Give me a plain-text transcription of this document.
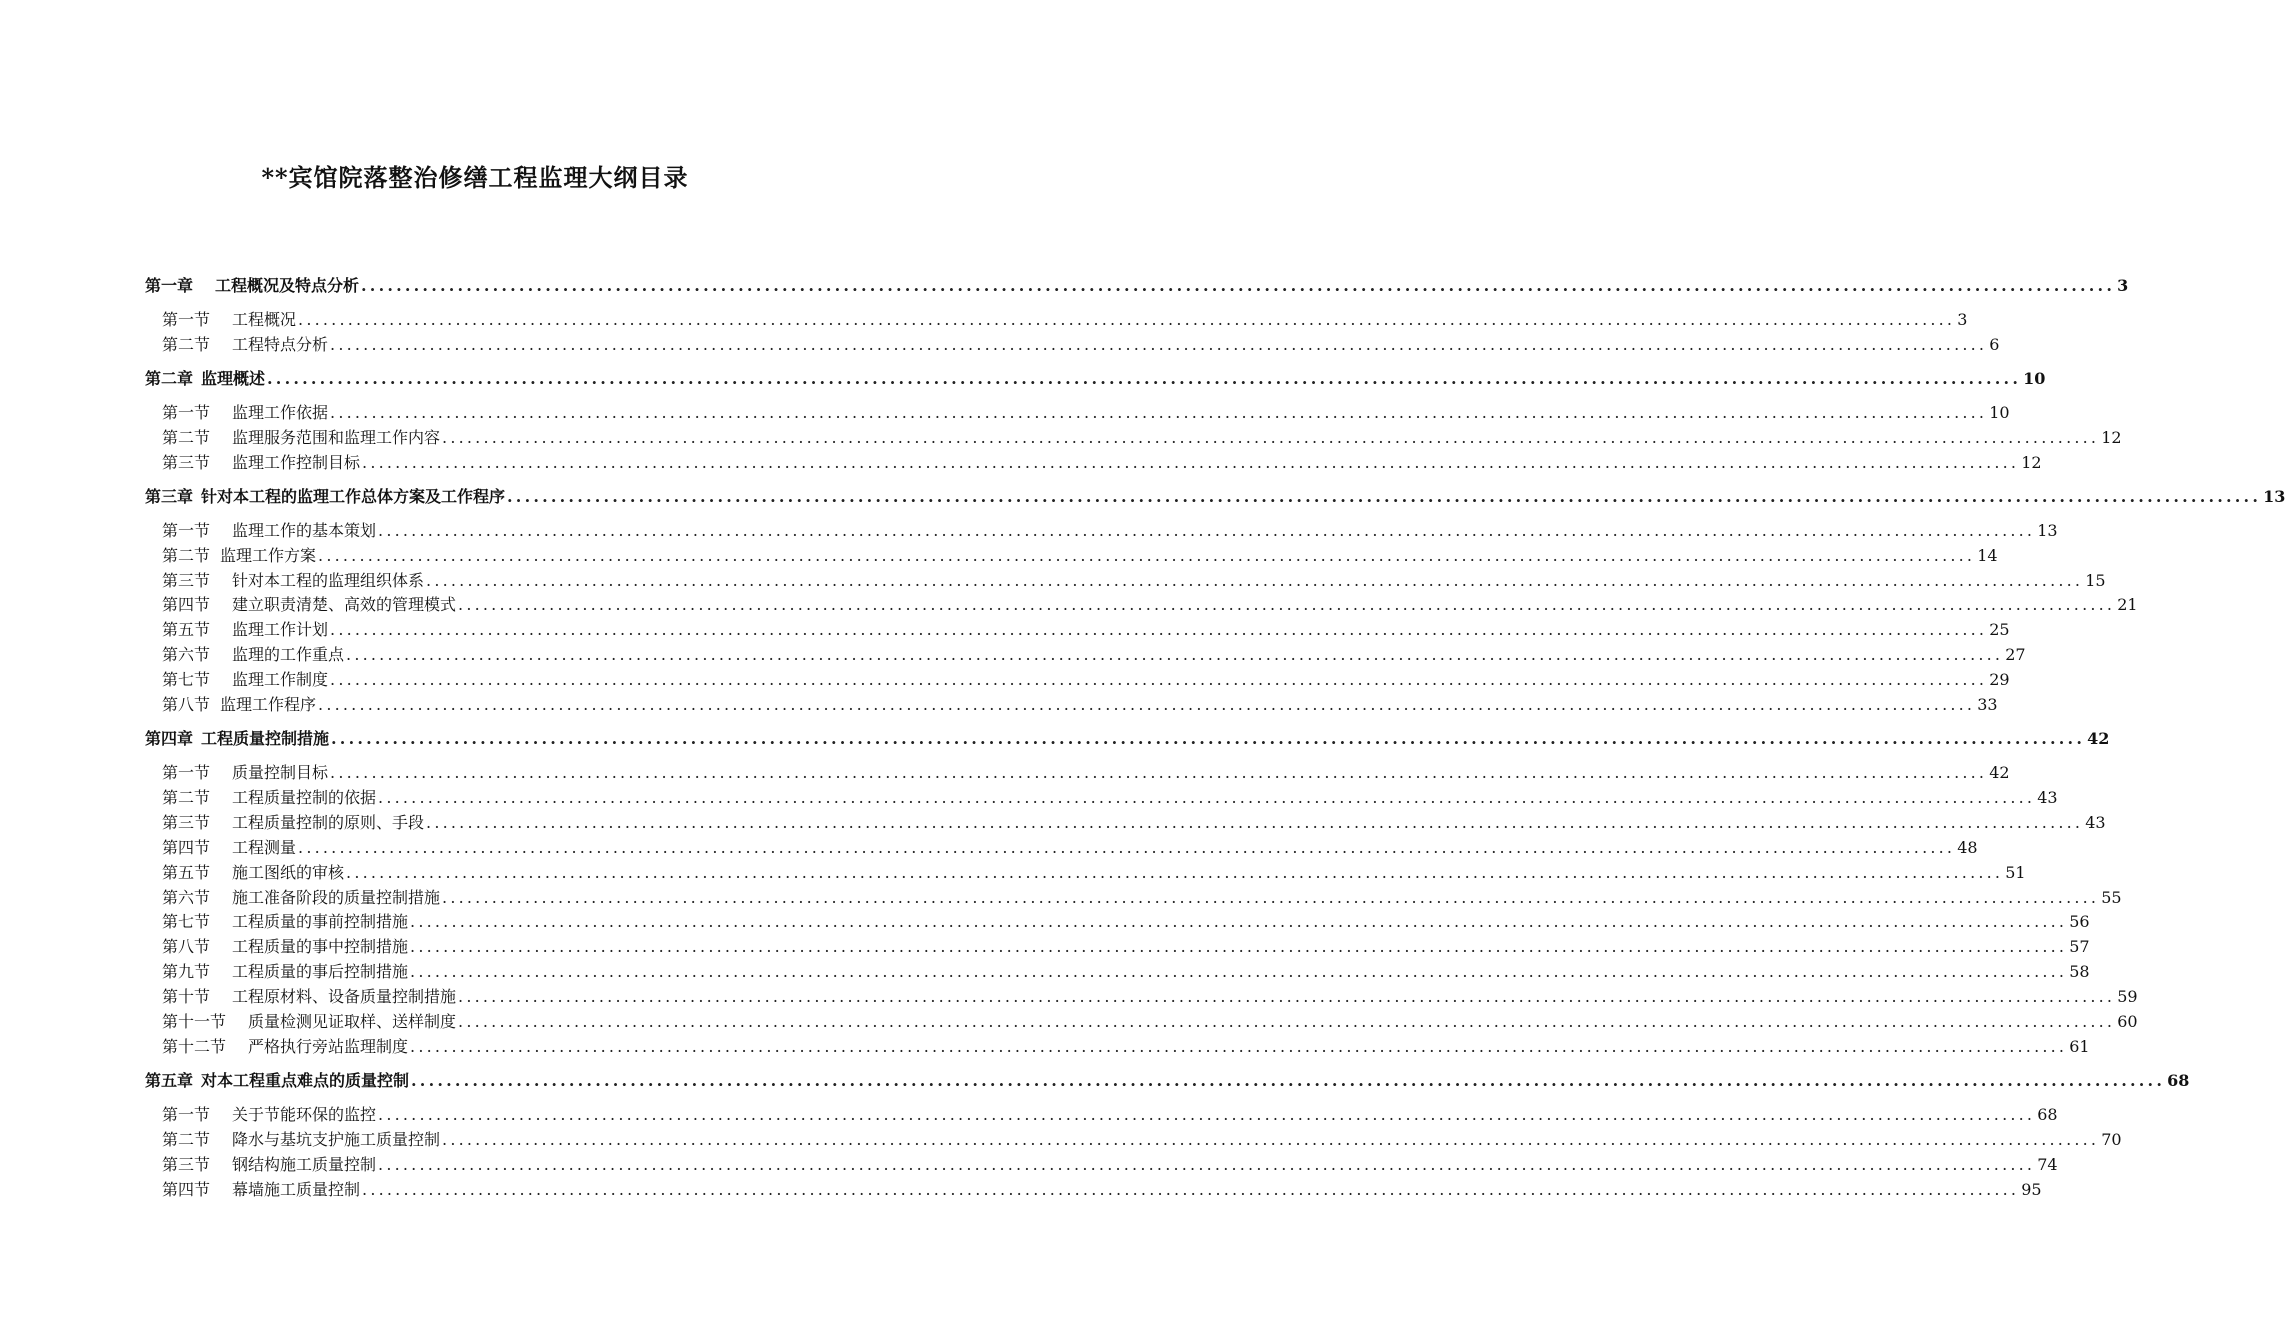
**宾馆院落整治修缮工程监理大纲目录
第一章 工程概况及特点分析 ........................................................................................................................................................................................................ 3
第一节 工程概况 ........................................................................................................................................................................................................ 3
第二节 工程特点分析 ........................................................................................................................................................................................................ 6
第二章 监理概述 ........................................................................................................................................................................................................ 10
第一节 监理工作依据 ........................................................................................................................................................................................................ 10
第二节 监理服务范围和监理工作内容 ........................................................................................................................................................................................................ 12
第三节 监理工作控制目标 ........................................................................................................................................................................................................ 12
第三章 针对本工程的监理工作总体方案及工作程序 ........................................................................................................................................................................................................ 13
第一节 监理工作的基本策划 ........................................................................................................................................................................................................ 13
第二节 监理工作方案 ........................................................................................................................................................................................................ 14
第三节 针对本工程的监理组织体系 ........................................................................................................................................................................................................ 15
第四节 建立职责清楚、高效的管理模式 ........................................................................................................................................................................................................ 21
第五节 监理工作计划 ........................................................................................................................................................................................................ 25
第六节 监理的工作重点 ........................................................................................................................................................................................................ 27
第七节 监理工作制度 ........................................................................................................................................................................................................ 29
第八节 监理工作程序 ........................................................................................................................................................................................................ 33
第四章 工程质量控制措施 ........................................................................................................................................................................................................ 42
第一节 质量控制目标 ........................................................................................................................................................................................................ 42
第二节 工程质量控制的依据 ........................................................................................................................................................................................................ 43
第三节 工程质量控制的原则、手段 ........................................................................................................................................................................................................ 43
第四节 工程测量 ........................................................................................................................................................................................................ 48
第五节 施工图纸的审核 ........................................................................................................................................................................................................ 51
第六节 施工准备阶段的质量控制措施 ........................................................................................................................................................................................................ 55
第七节 工程质量的事前控制措施 ........................................................................................................................................................................................................ 56
第八节 工程质量的事中控制措施 ........................................................................................................................................................................................................ 57
第九节 工程质量的事后控制措施 ........................................................................................................................................................................................................ 58
第十节 工程原材料、设备质量控制措施 ........................................................................................................................................................................................................ 59
第十一节 质量检测见证取样、送样制度 ........................................................................................................................................................................................................ 60
第十二节 严格执行旁站监理制度 ........................................................................................................................................................................................................ 61
第五章 对本工程重点难点的质量控制 ........................................................................................................................................................................................................ 68
第一节 关于节能环保的监控 ........................................................................................................................................................................................................ 68
第二节 降水与基坑支护施工质量控制 ........................................................................................................................................................................................................ 70
第三节 钢结构施工质量控制 ........................................................................................................................................................................................................ 74
第四节 幕墙施工质量控制 ........................................................................................................................................................................................................ 95
